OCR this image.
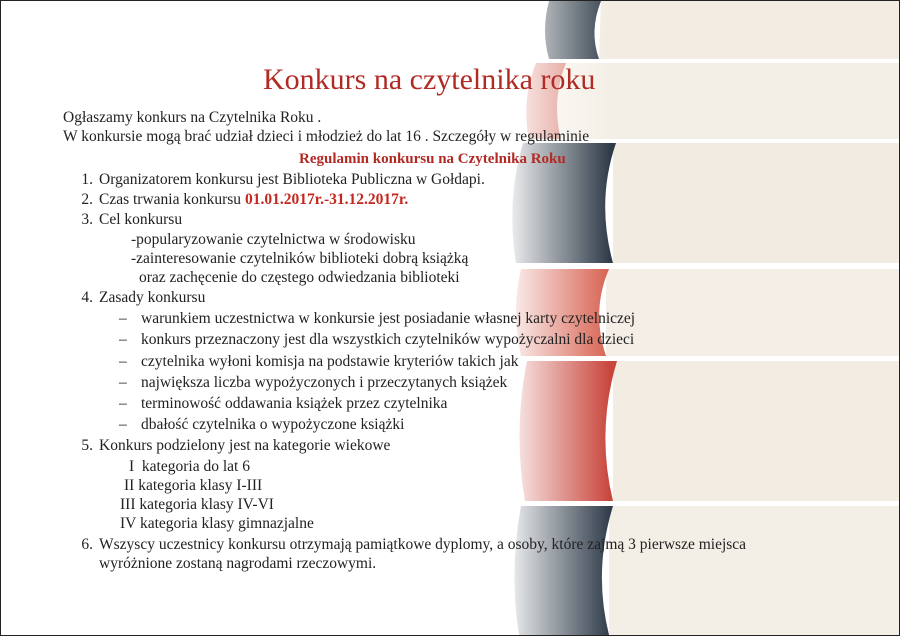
Konkurs na czytelnika roku
Ogłaszamy konkurs na Czytelnika Roku .
W konkursie mogą brać udział dzieci i młodzież do lat 16 . Szczegóły w regulaminie
Regulamin konkursu na Czytelnika Roku
1. Organizatorem konkursu jest Biblioteka Publiczna w Gołdapi.
2. Czas trwania konkursu 01.01.2017r.-31.12.2017r.
3. Cel konkursu
-popularyzowanie czytelnictwa w środowisku
-zainteresowanie czytelników biblioteki dobrą książką
oraz zachęcenie do częstego odwiedzania biblioteki
4. Zasady konkursu
– warunkiem uczestnictwa w konkursie jest posiadanie własnej karty czytelniczej
– konkurs przeznaczony jest dla wszystkich czytelników wypożyczalni dla dzieci
– czytelnika wyłoni komisja na podstawie kryteriów takich jak
– największa liczba wypożyczonych i przeczytanych książek
– terminowość oddawania książek przez czytelnika
– dbałość czytelnika o wypożyczone książki
5. Konkurs podzielony jest na kategorie wiekowe
I  kategoria do lat 6
II kategoria klasy I-III
III kategoria klasy IV-VI
IV kategoria klasy gimnazjalne
6. Wszyscy uczestnicy konkursu otrzymają pamiątkowe dyplomy, a osoby, które zajmą 3 pierwsze miejsca
wyróżnione zostaną nagrodami rzeczowymi.
